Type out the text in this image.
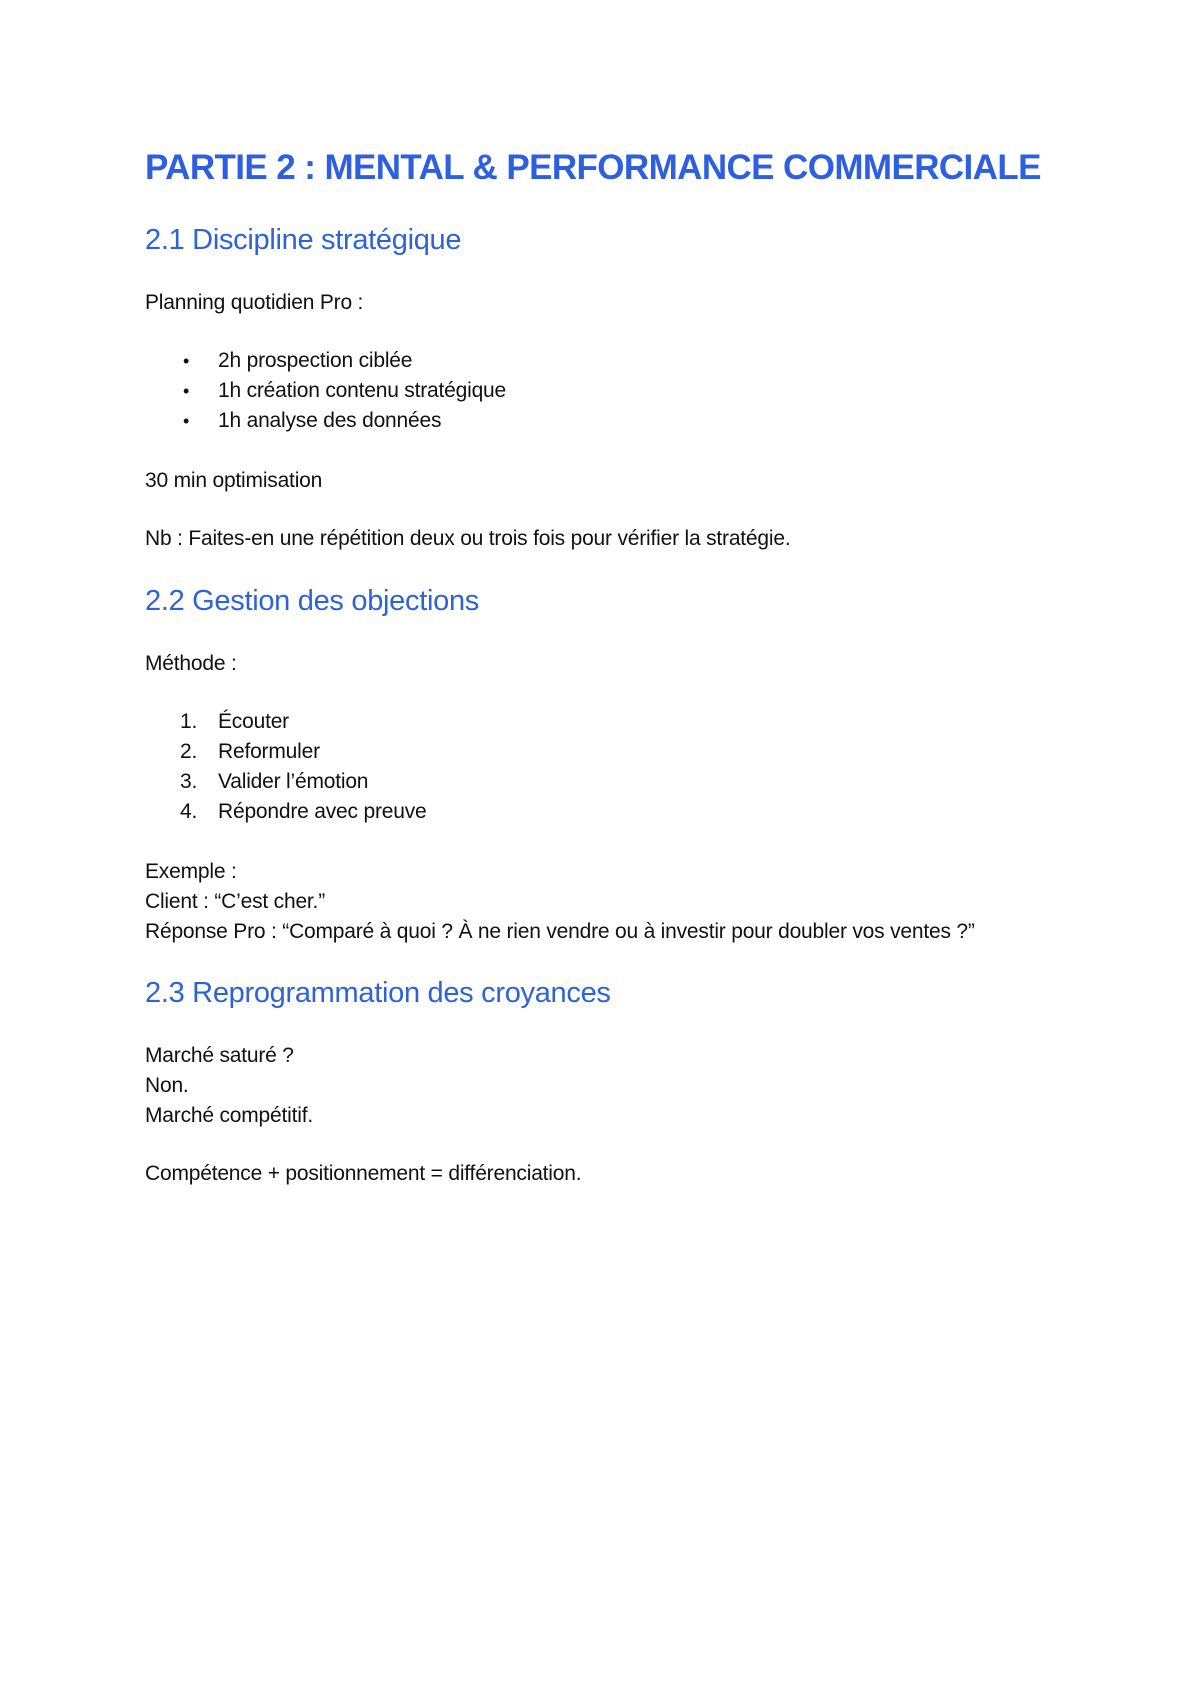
PARTIE 2 : MENTAL & PERFORMANCE COMMERCIALE
2.1 Discipline stratégique

Planning quotidien Pro :

• 2h prospection ciblée
• 1h création contenu stratégique
• 1h analyse des données

30 min optimisation

Nb : Faites-en une répétition deux ou trois fois pour vérifier la stratégie.

2.2 Gestion des objections

Méthode :

1. Écouter
2. Reformuler
3. Valider l’émotion
4. Répondre avec preuve

Exemple :

Client : “C’est cher.”

Réponse Pro : “Comparé à quoi ? À ne rien vendre ou à investir pour doubler vos ventes ?”

2.3 Reprogrammation des croyances

Marché saturé ?

Non.

Marché compétitif.

Compétence + positionnement = différenciation.
